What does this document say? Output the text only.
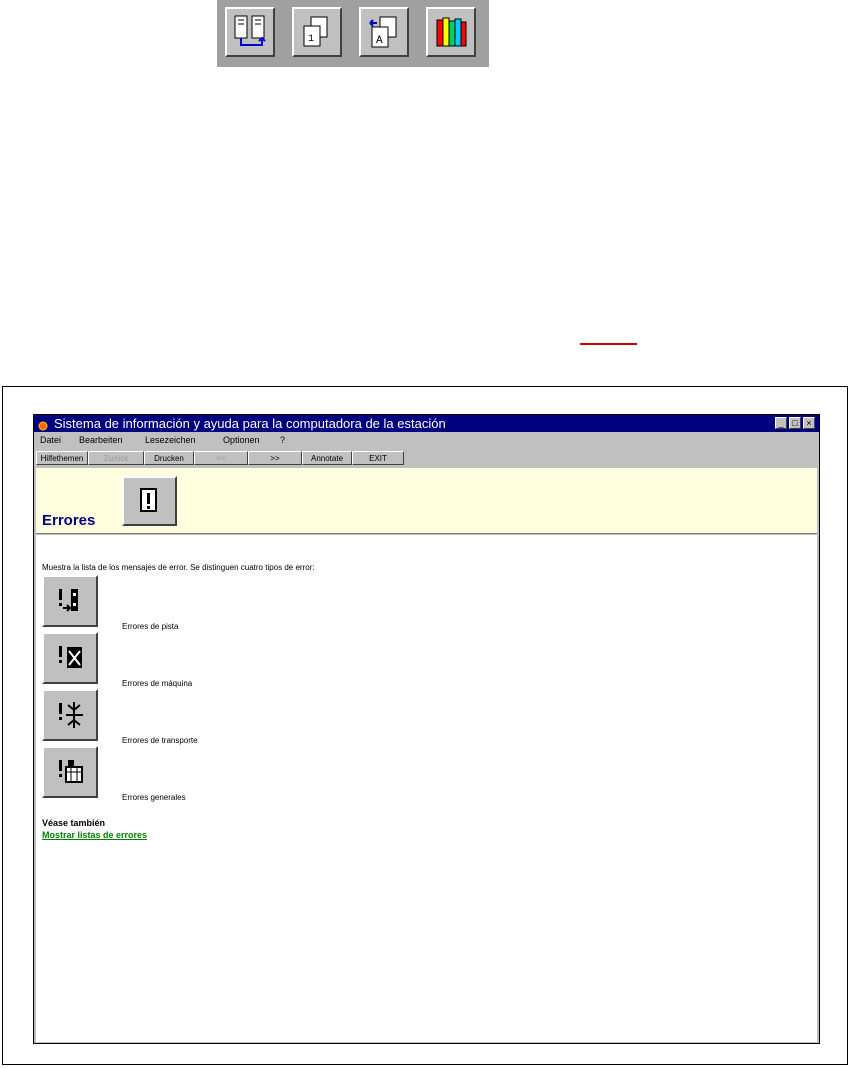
1	A
Sistema de información y ayuda para la computadora de la estación	_ □ ×
Datei Bearbeiten Lesezeichen	Optionen ?
Hilfethemen	Zurück	Drucken	<<	>>	Annotate	EXIT
Errores
Muestra la lista de los mensajes de error. Se distinguen cuatro tipos de error:
Errores de pista
Errores de máquina
Errores de transporte
Errores generales
Véase también
Mostrar listas de errores
